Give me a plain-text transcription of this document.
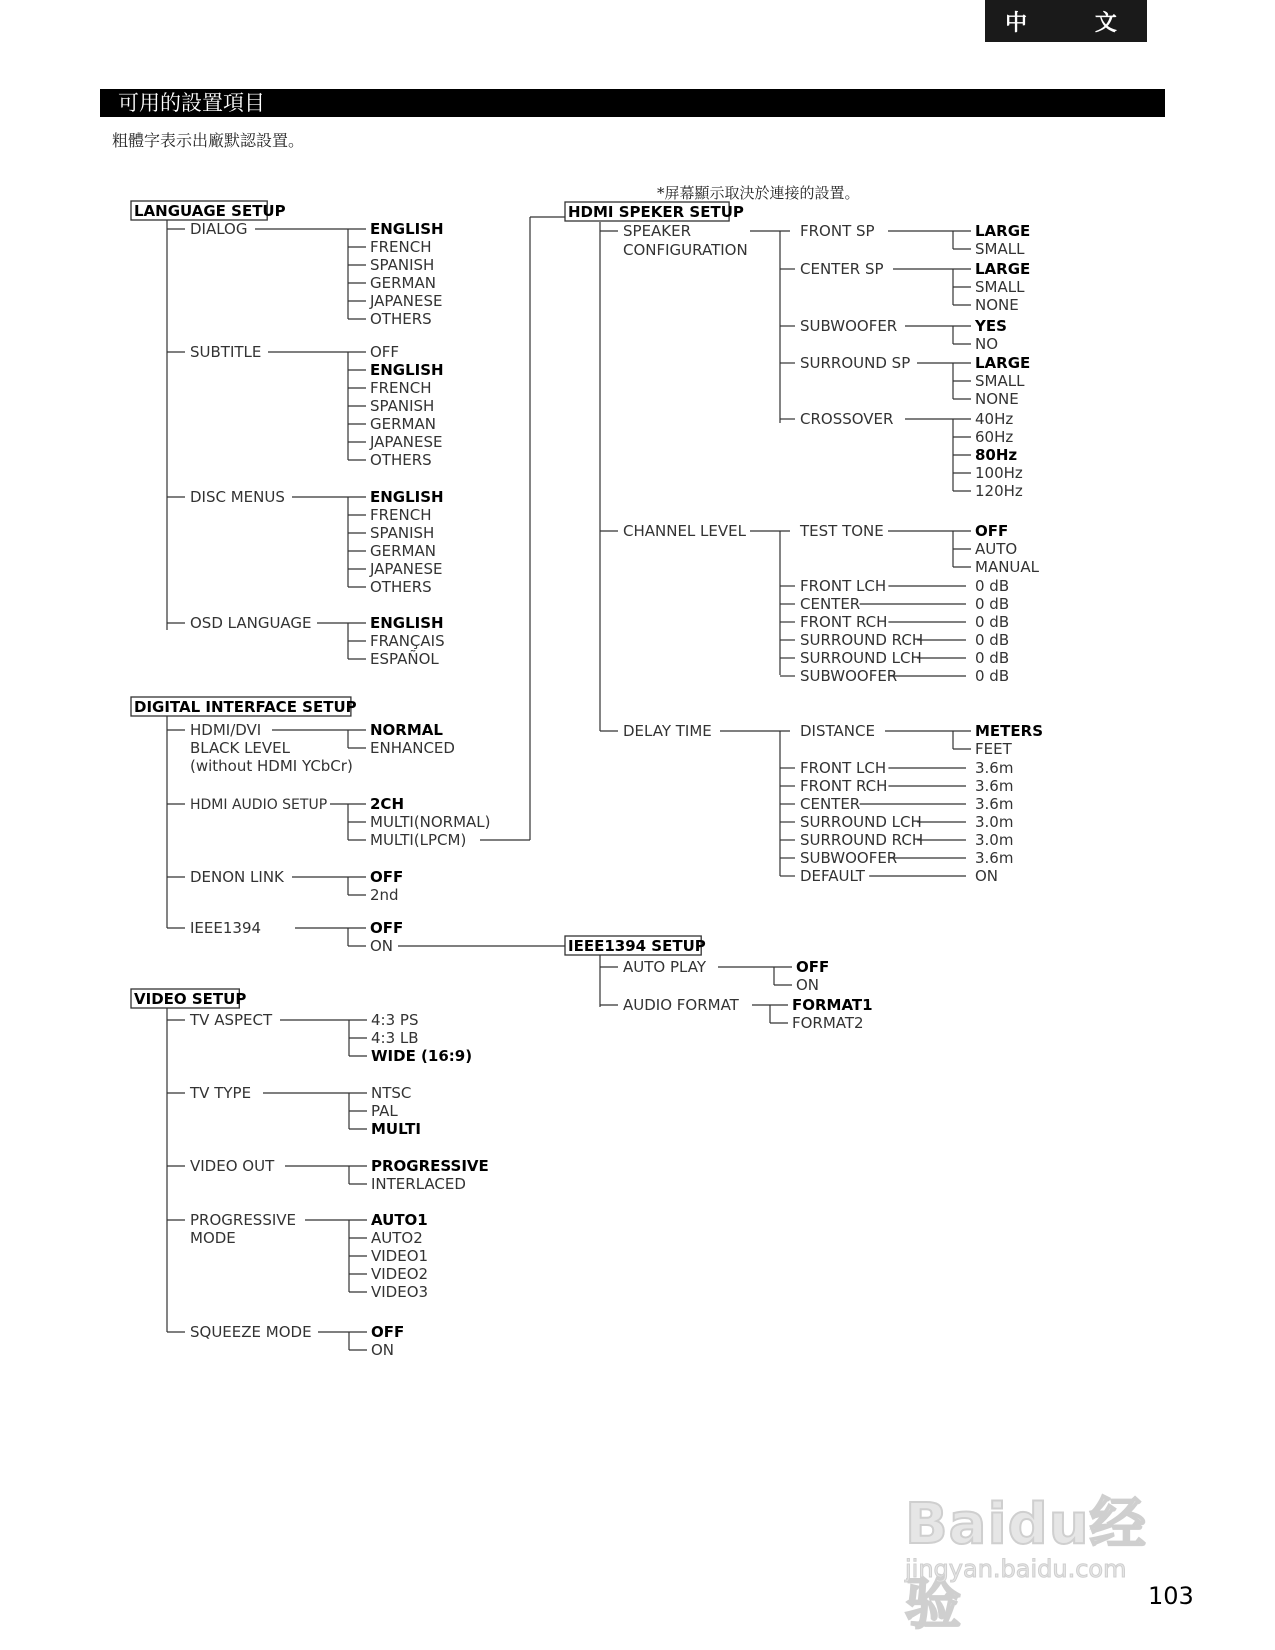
中 文
可用的設置項目
粗體字表示出廠默認設置。
*屏幕顯示取決於連接的設置。
LANGUAGE SETUP
DIALOG	ENGLISH
FRENCH
SPANISH
GERMAN
JAPANESE
OTHERS
SUBTITLE	OFF
ENGLISH
FRENCH
SPANISH
GERMAN
JAPANESE
OTHERS
DISC MENUS	ENGLISH
FRENCH
SPANISH
GERMAN
JAPANESE
OTHERS
OSD LANGUAGE	ENGLISH
FRANÇAIS
ESPAÑOL
DIGITAL INTERFACE SETUP
HDMI/DVI
BLACK LEVEL
(without HDMI YCbCr)
NORMAL
ENHANCED
HDMI AUDIO SETUP	2CH
MULTI(NORMAL)
MULTI(LPCM)
DENON LINK	OFF
2nd
IEEE1394	OFF
ON
VIDEO SETUP
TV ASPECT	4:3 PS
4:3 LB
WIDE (16:9)
TV TYPE	NTSC
PAL
MULTI
VIDEO OUT	PROGRESSIVE
INTERLACED
PROGRESSIVE
MODE
AUTO1
AUTO2
VIDEO1
VIDEO2
VIDEO3
SQUEEZE MODE	OFF
ON
HDMI SPEKER SETUP
SPEAKER
CONFIGURATION
FRONT SP	LARGE
SMALL
CENTER SP	LARGE
SMALL
NONE
SUBWOOFER	YES
NO
SURROUND SP	LARGE
SMALL
NONE
CROSSOVER	40Hz
60Hz
80Hz
100Hz
120Hz
CHANNEL LEVEL	TEST TONE	OFF
AUTO
MANUAL
FRONT LCH	0 dB
CENTER	0 dB
FRONT RCH	0 dB
SURROUND RCH	0 dB
SURROUND LCH	0 dB
SUBWOOFER	0 dB
DELAY TIME	DISTANCE	METERS
FEET
FRONT LCH	3.6m
FRONT RCH	3.6m
CENTER	3.6m
SURROUND LCH	3.0m
SURROUND RCH	3.0m
SUBWOOFER	3.6m
DEFAULT	ON
IEEE1394 SETUP
AUTO PLAY	OFF
ON
AUDIO FORMAT	FORMAT1
FORMAT2
Baidu经验
jingyan.baidu.com
103
